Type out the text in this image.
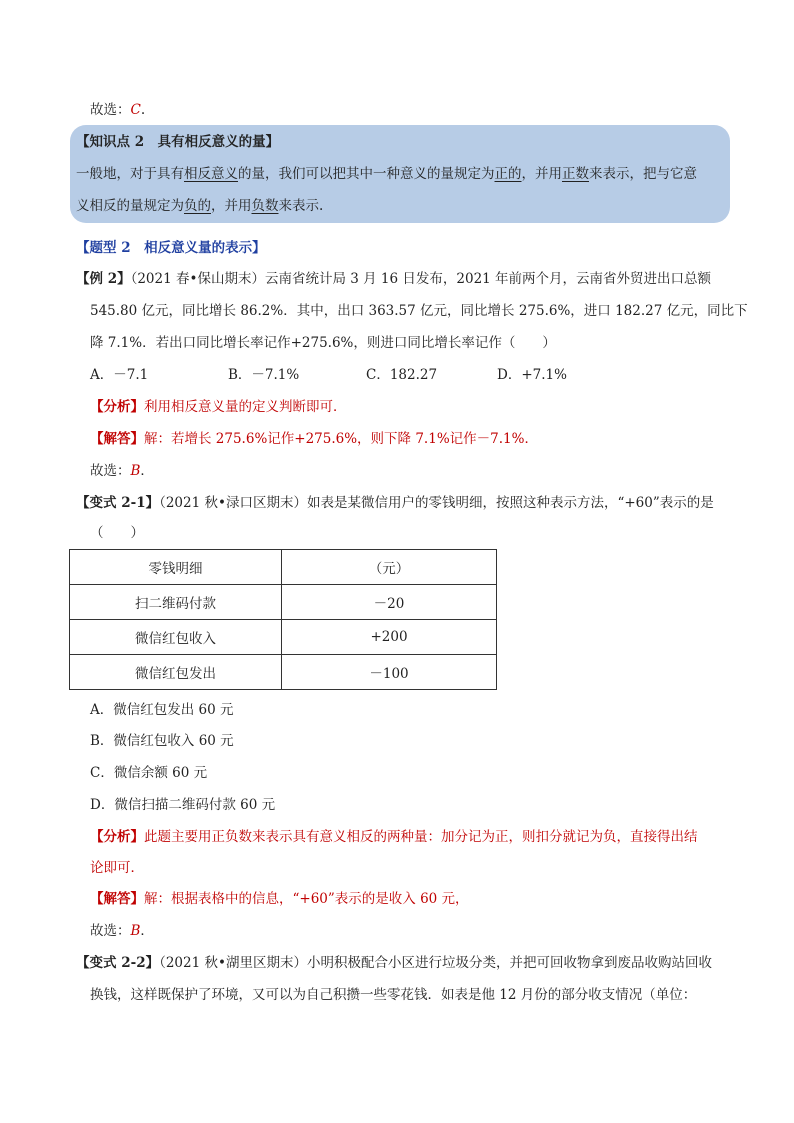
故选：C.
【知识点 2　具有相反意义的量】
一般地，对于具有相反意义的量，我们可以把其中一种意义的量规定为正的，并用正数来表示，把与它意
义相反的量规定为负的，并用负数来表示.
【题型 2　相反意义量的表示】
【例 2】（2021 春•保山期末）云南省统计局 3 月 16 日发布，2021 年前两个月，云南省外贸进出口总额
545.80 亿元，同比增长 86.2%．其中，出口 363.57 亿元，同比增长 275.6%，进口 182.27 亿元，同比下
降 7.1%．若出口同比增长率记作+275.6%，则进口同比增长率记作（　　）
A．－7.1	B．－7.1%	C．182.27	D．+7.1%
【分析】利用相反意义量的定义判断即可．
【解答】解：若增长 275.6%记作+275.6%，则下降 7.1%记作－7.1%．
故选：B．
【变式 2-1】（2021 秋•渌口区期末）如表是某微信用户的零钱明细，按照这种表示方法，“+60”表示的是
（　　）
零钱明细	（元）
扫二维码付款	－20
微信红包收入	+200
微信红包发出	－100
A．微信红包发出 60 元
B．微信红包收入 60 元
C．微信余额 60 元
D．微信扫描二维码付款 60 元
【分析】此题主要用正负数来表示具有意义相反的两种量：加分记为正，则扣分就记为负，直接得出结
论即可．
【解答】解：根据表格中的信息，“+60”表示的是收入 60 元，
故选：B．
【变式 2-2】（2021 秋•湖里区期末）小明积极配合小区进行垃圾分类，并把可回收物拿到废品收购站回收
换钱，这样既保护了环境，又可以为自己积攒一些零花钱．如表是他 12 月份的部分收支情况（单位：
